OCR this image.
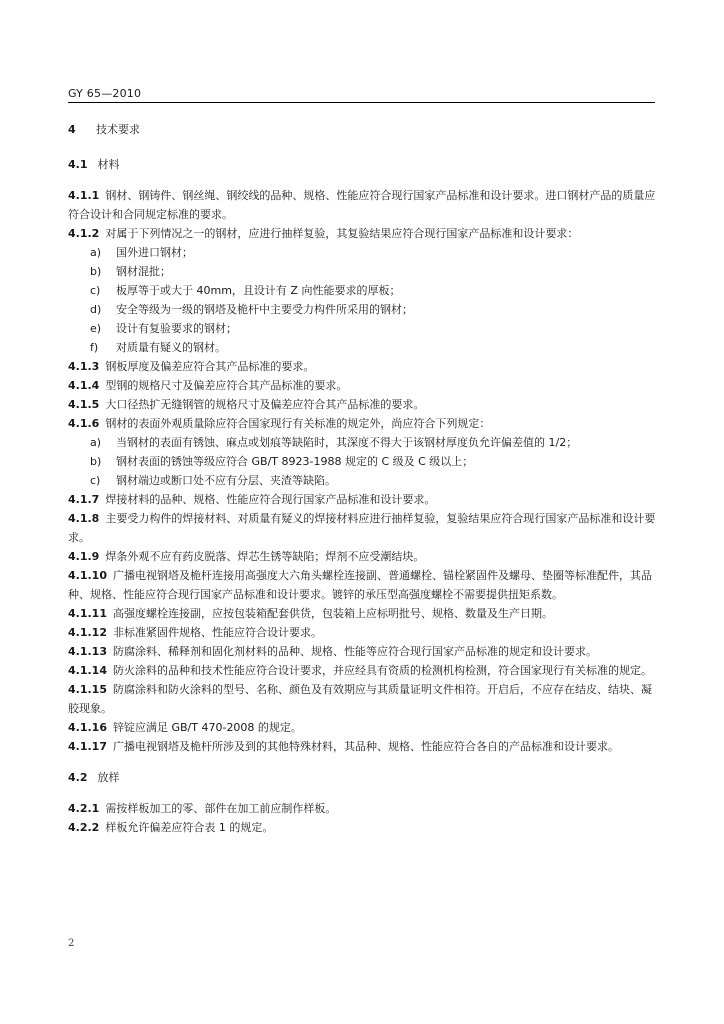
GY 65—2010
4 技术要求
4.1 材料

4.1.1 钢材、钢铸件、钢丝绳、钢绞线的品种、规格、性能应符合现行国家产品标准和设计要求。进口钢材产品的质量应符合设计和合同规定标准的要求。

4.1.2 对属于下列情况之一的钢材，应进行抽样复验，其复验结果应符合现行国家产品标准和设计要求：

a) 国外进口钢材；

b) 钢材混批；

c) 板厚等于或大于 40mm，且设计有 Z 向性能要求的厚板；

d) 安全等级为一级的钢塔及桅杆中主要受力构件所采用的钢材；

e) 设计有复验要求的钢材；

f) 对质量有疑义的钢材。

4.1.3 钢板厚度及偏差应符合其产品标准的要求。

4.1.4 型钢的规格尺寸及偏差应符合其产品标准的要求。

4.1.5 大口径热扩无缝钢管的规格尺寸及偏差应符合其产品标准的要求。

4.1.6 钢材的表面外观质量除应符合国家现行有关标准的规定外，尚应符合下列规定：

a) 当钢材的表面有锈蚀、麻点或划痕等缺陷时，其深度不得大于该钢材厚度负允许偏差值的 1/2；

b) 钢材表面的锈蚀等级应符合 GB/T 8923-1988 规定的 C 级及 C 级以上；

c) 钢材端边或断口处不应有分层、夹渣等缺陷。

4.1.7 焊接材料的品种、规格、性能应符合现行国家产品标准和设计要求。

4.1.8 主要受力构件的焊接材料、对质量有疑义的焊接材料应进行抽样复验，复验结果应符合现行国家产品标准和设计要求。

4.1.9 焊条外观不应有药皮脱落、焊芯生锈等缺陷；焊剂不应受潮结块。

4.1.10 广播电视钢塔及桅杆连接用高强度大六角头螺栓连接副、普通螺栓、锚栓紧固件及螺母、垫圈等标准配件，其品种、规格、性能应符合现行国家产品标准和设计要求。镀锌的承压型高强度螺栓不需要提供扭矩系数。

4.1.11 高强度螺栓连接副，应按包装箱配套供货，包装箱上应标明批号、规格、数量及生产日期。

4.1.12 非标准紧固件规格、性能应符合设计要求。

4.1.13 防腐涂料、稀释剂和固化剂材料的品种、规格、性能等应符合现行国家产品标准的规定和设计要求。

4.1.14 防火涂料的品种和技术性能应符合设计要求，并应经具有资质的检测机构检测，符合国家现行有关标准的规定。

4.1.15 防腐涂料和防火涂料的型号、名称、颜色及有效期应与其质量证明文件相符。开启后，不应存在结皮、结块、凝胶现象。

4.1.16 锌锭应满足 GB/T 470-2008 的规定。

4.1.17 广播电视钢塔及桅杆所涉及到的其他特殊材料，其品种、规格、性能应符合各自的产品标准和设计要求。

4.2 放样

4.2.1 需按样板加工的零、部件在加工前应制作样板。

4.2.2 样板允许偏差应符合表 1 的规定。

2
